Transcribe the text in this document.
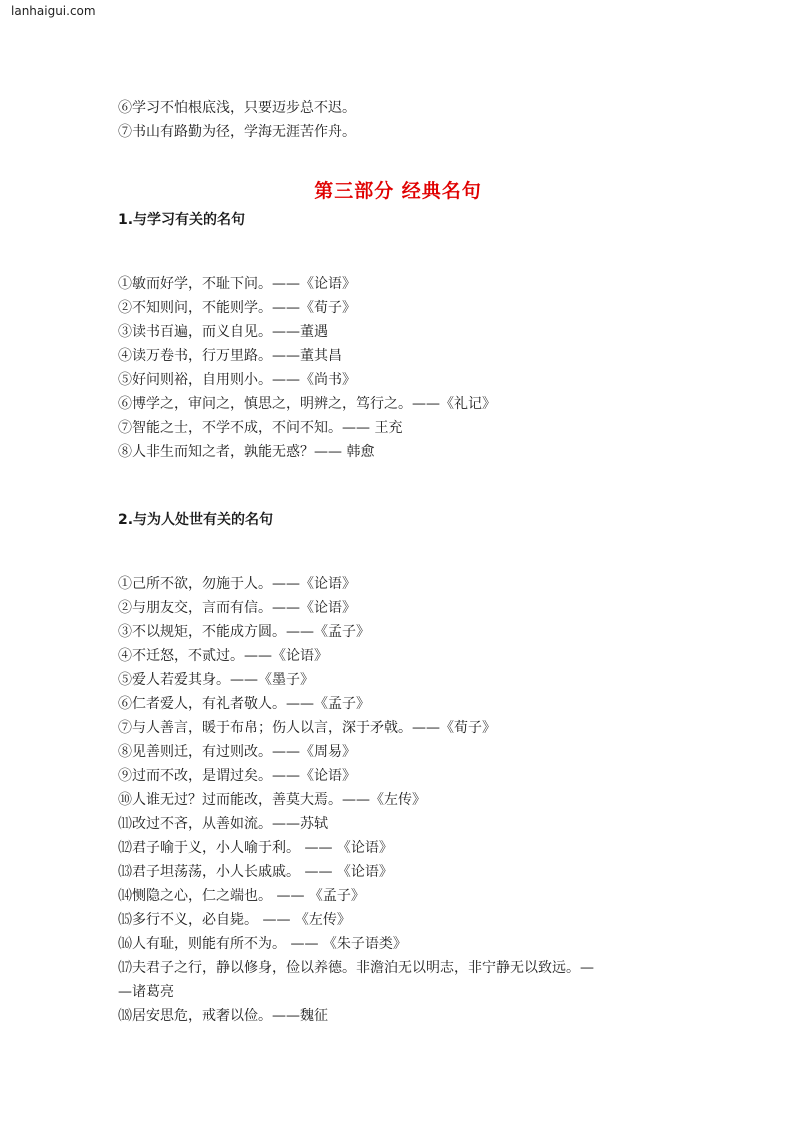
lanhaigui.com
⑥学习不怕根底浅，只要迈步总不迟。
⑦书山有路勤为径，学海无涯苦作舟。
第三部分 经典名句
1.与学习有关的名句
①敏而好学，不耻下问。——《论语》
②不知则问，不能则学。——《荀子》
③读书百遍，而义自见。——董遇
④读万卷书，行万里路。——董其昌
⑤好问则裕，自用则小。——《尚书》
⑥博学之，审问之，慎思之，明辨之，笃行之。——《礼记》
⑦智能之士，不学不成，不问不知。—— 王充
⑧人非生而知之者，孰能无惑？—— 韩愈
2.与为人处世有关的名句
①己所不欲，勿施于人。——《论语》
②与朋友交，言而有信。——《论语》
③不以规矩，不能成方圆。——《孟子》
④不迁怒，不贰过。——《论语》
⑤爱人若爱其身。——《墨子》
⑥仁者爱人，有礼者敬人。——《孟子》
⑦与人善言，暖于布帛；伤人以言，深于矛戟。——《荀子》
⑧见善则迁，有过则改。——《周易》
⑨过而不改，是谓过矣。——《论语》
⑩人谁无过？过而能改，善莫大焉。——《左传》
⑾改过不吝，从善如流。——苏轼
⑿君子喻于义，小人喻于利。 —— 《论语》
⒀君子坦荡荡，小人长戚戚。 —— 《论语》
⒁恻隐之心，仁之端也。 —— 《孟子》
⒂多行不义，必自毙。 —— 《左传》
⒃人有耻，则能有所不为。 —— 《朱子语类》
⒄夫君子之行，静以修身，俭以养德。非澹泊无以明志，非宁静无以致远。—
—诸葛亮
⒅居安思危，戒奢以俭。——魏征
